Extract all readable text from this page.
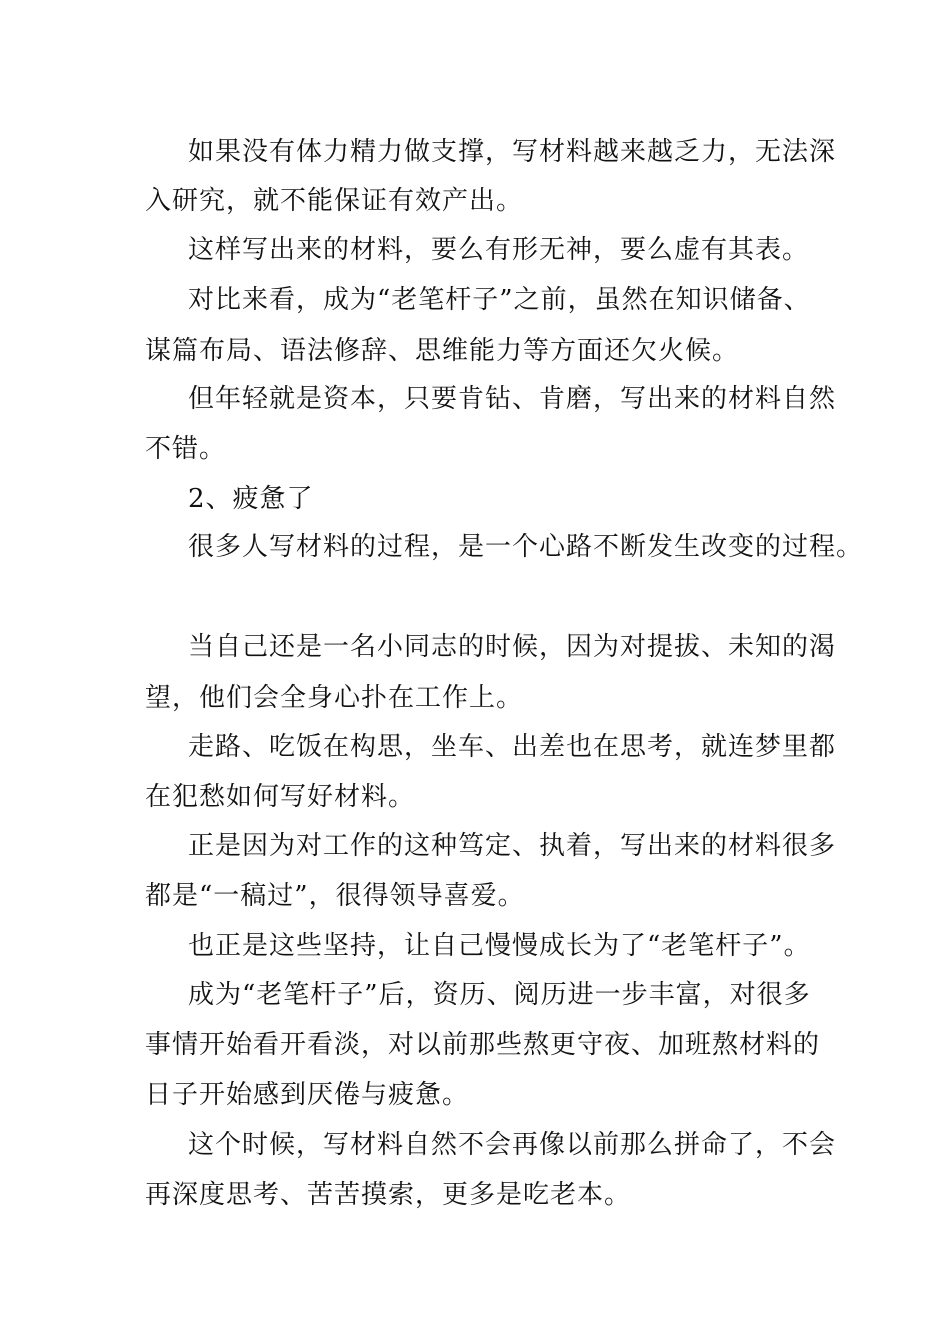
如果没有体力精力做支撑，写材料越来越乏力，无法深
入研究，就不能保证有效产出。
这样写出来的材料，要么有形无神，要么虚有其表。
对比来看，成为“老笔杆子”之前，虽然在知识储备、
谋篇布局、语法修辞、思维能力等方面还欠火候。
但年轻就是资本，只要肯钻、肯磨，写出来的材料自然
不错。
2、疲惫了
很多人写材料的过程，是一个心路不断发生改变的过程。
当自己还是一名小同志的时候，因为对提拔、未知的渴
望，他们会全身心扑在工作上。
走路、吃饭在构思，坐车、出差也在思考，就连梦里都
在犯愁如何写好材料。
正是因为对工作的这种笃定、执着，写出来的材料很多
都是“一稿过”，很得领导喜爱。
也正是这些坚持，让自己慢慢成长为了“老笔杆子”。
成为“老笔杆子”后，资历、阅历进一步丰富，对很多
事情开始看开看淡，对以前那些熬更守夜、加班熬材料的
日子开始感到厌倦与疲惫。
这个时候，写材料自然不会再像以前那么拼命了，不会
再深度思考、苦苦摸索，更多是吃老本。
